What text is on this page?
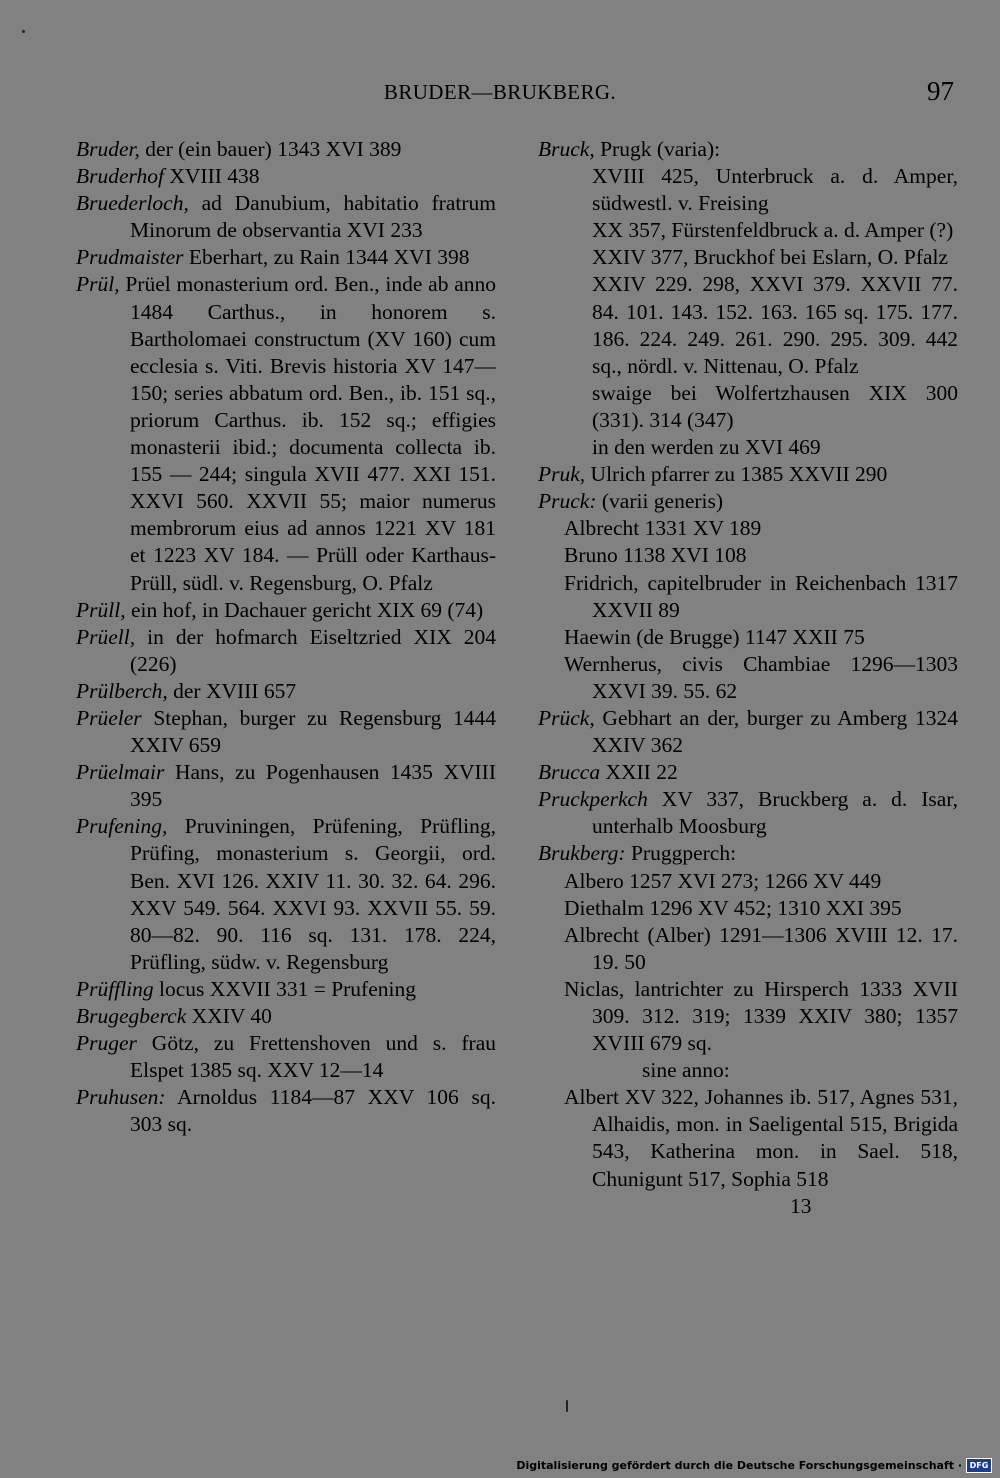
BRUDER—BRUKBERG.	97
Bruder, der (ein bauer) 1343 XVI 389
Bruderhof XVIII 438
Bruederloch, ad Danubium, habitatio fratrum Minorum de observantia XVI 233
Prudmaister Eberhart, zu Rain 1344 XVI 398
Prül, Prüel monasterium ord. Ben., inde ab anno 1484 Carthus., in honorem s. Bartholomaei constructum (XV 160) cum ecclesia s. Viti. Brevis historia XV 147—150; series abbatum ord. Ben., ib. 151 sq., priorum Carthus. ib. 152 sq.; effigies monasterii ibid.; documenta collecta ib. 155 — 244; singula XVII 477. XXI 151. XXVI 560. XXVII 55; maior numerus membrorum eius ad annos 1221 XV 181 et 1223 XV 184. — Prüll oder Karthaus-Prüll, südl. v. Regensburg, O. Pfalz
Prüll, ein hof, in Dachauer gericht XIX 69 (74)
Prüell, in der hofmarch Eiseltzried XIX 204 (226)
Prülberch, der XVIII 657
Prüeler Stephan, burger zu Regensburg 1444 XXIV 659
Prüelmair Hans, zu Pogenhausen 1435 XVIII 395
Prufening, Pruviningen, Prüfening, Prüfling, Prüfing, monasterium s. Georgii, ord. Ben. XVI 126. XXIV 11. 30. 32. 64. 296. XXV 549. 564. XXVI 93. XXVII 55. 59. 80—82. 90. 116 sq. 131. 178. 224, Prüfling, südw. v. Regensburg
Prüffling locus XXVII 331 = Prufening
Brugegberck XXIV 40
Pruger Götz, zu Frettenshoven und s. frau Elspet 1385 sq. XXV 12—14
Pruhusen: Arnoldus 1184—87 XXV 106 sq. 303 sq.
Bruck, Prugk (varia):
XVIII 425, Unterbruck a. d. Amper, südwestl. v. Freising
XX 357, Fürstenfeldbruck a. d. Amper (?)
XXIV 377, Bruckhof bei Eslarn, O. Pfalz
XXIV 229. 298, XXVI 379. XXVII 77. 84. 101. 143. 152. 163. 165 sq. 175. 177. 186. 224. 249. 261. 290. 295. 309. 442 sq., nördl. v. Nittenau, O. Pfalz
swaige bei Wolfertzhausen XIX 300 (331). 314 (347)
in den werden zu XVI 469
Pruk, Ulrich pfarrer zu 1385 XXVII 290
Pruck: (varii generis)
Albrecht 1331 XV 189
Bruno 1138 XVI 108
Fridrich, capitelbruder in Reichenbach 1317 XXVII 89
Haewin (de Brugge) 1147 XXII 75
Wernherus, civis Chambiae 1296—1303 XXVI 39. 55. 62
Prück, Gebhart an der, burger zu Amberg 1324 XXIV 362
Brucca XXII 22
Pruckperkch XV 337, Bruckberg a. d. Isar, unterhalb Moosburg
Brukberg: Pruggperch:
Albero 1257 XVI 273; 1266 XV 449
Diethalm 1296 XV 452; 1310 XXI 395
Albrecht (Alber) 1291—1306 XVIII 12. 17. 19. 50
Niclas, lantrichter zu Hirsperch 1333 XVII 309. 312. 319; 1339 XXIV 380; 1357 XVIII 679 sq.
sine anno:
Albert XV 322, Johannes ib. 517, Agnes 531, Alhaidis, mon. in Saeligental 515, Brigida 543, Katherina mon. in Sael. 518, Chunigunt 517, Sophia 518
13
Digitalisierung gefördert durch die Deutsche Forschungsgemeinschaft · DFG
